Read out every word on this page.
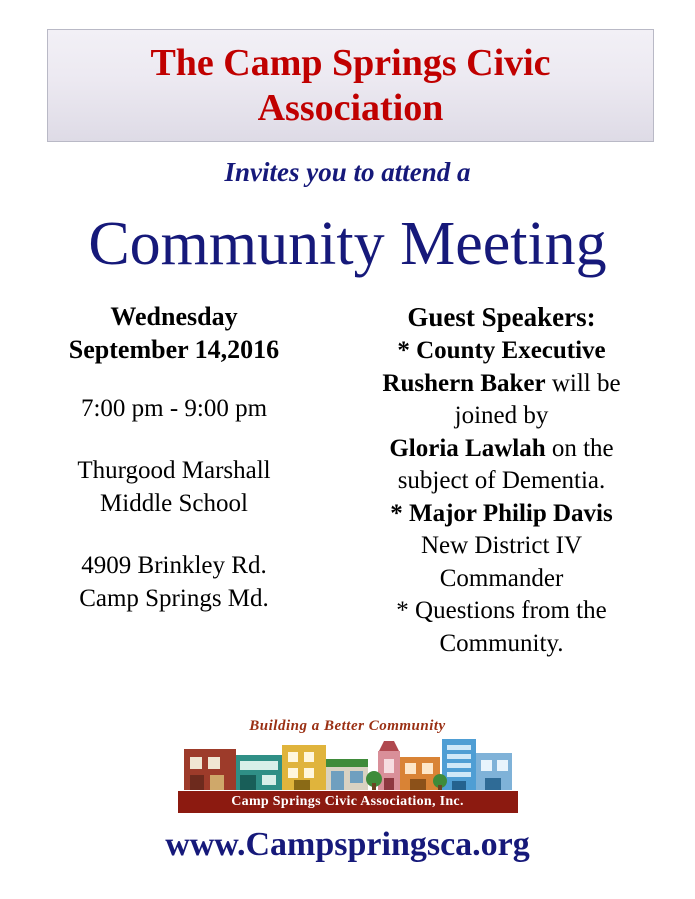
The Camp Springs Civic Association
Invites you to attend a
Community Meeting
Wednesday
September 14,2016
7:00 pm - 9:00 pm
Thurgood Marshall
Middle School
4909 Brinkley Rd.
Camp Springs Md.
Guest Speakers:
* County Executive
Rushern Baker will be
joined by
Gloria Lawlah on the
subject of Dementia.
* Major Philip Davis
New District IV
Commander
* Questions from the
Community.
Building a Better Community
Camp Springs Civic Association, Inc.
www.Campspringsca.org
